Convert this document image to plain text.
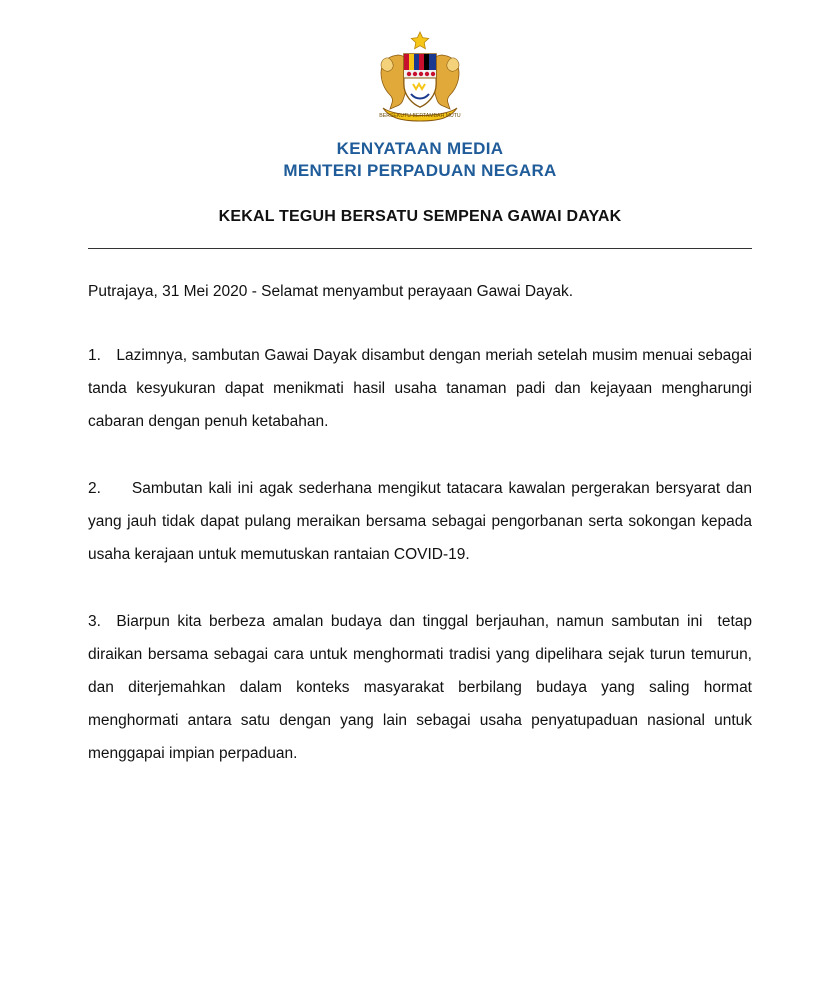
BERSEKUTU BERTAMBAH MUTU
KENYATAAN MEDIA
MENTERI PERPADUAN NEGARA
KEKAL TEGUH BERSATU SEMPENA GAWAI DAYAK

Putrajaya, 31 Mei 2020 - Selamat menyambut perayaan Gawai Dayak.

1. Lazimnya, sambutan Gawai Dayak disambut dengan meriah setelah musim menuai sebagai tanda kesyukuran dapat menikmati hasil usaha tanaman padi dan kejayaan mengharungi cabaran dengan penuh ketabahan.

2.  Sambutan kali ini agak sederhana mengikut tatacara kawalan pergerakan bersyarat dan yang jauh tidak dapat pulang meraikan bersama sebagai pengorbanan serta sokongan kepada usaha kerajaan untuk memutuskan rantaian COVID-19.

3. Biarpun kita berbeza amalan budaya dan tinggal berjauhan, namun sambutan ini  tetap diraikan bersama sebagai cara untuk menghormati tradisi yang dipelihara sejak turun temurun, dan diterjemahkan dalam konteks masyarakat berbilang budaya yang saling hormat menghormati antara satu dengan yang lain sebagai usaha penyatupaduan nasional untuk menggapai impian perpaduan.
